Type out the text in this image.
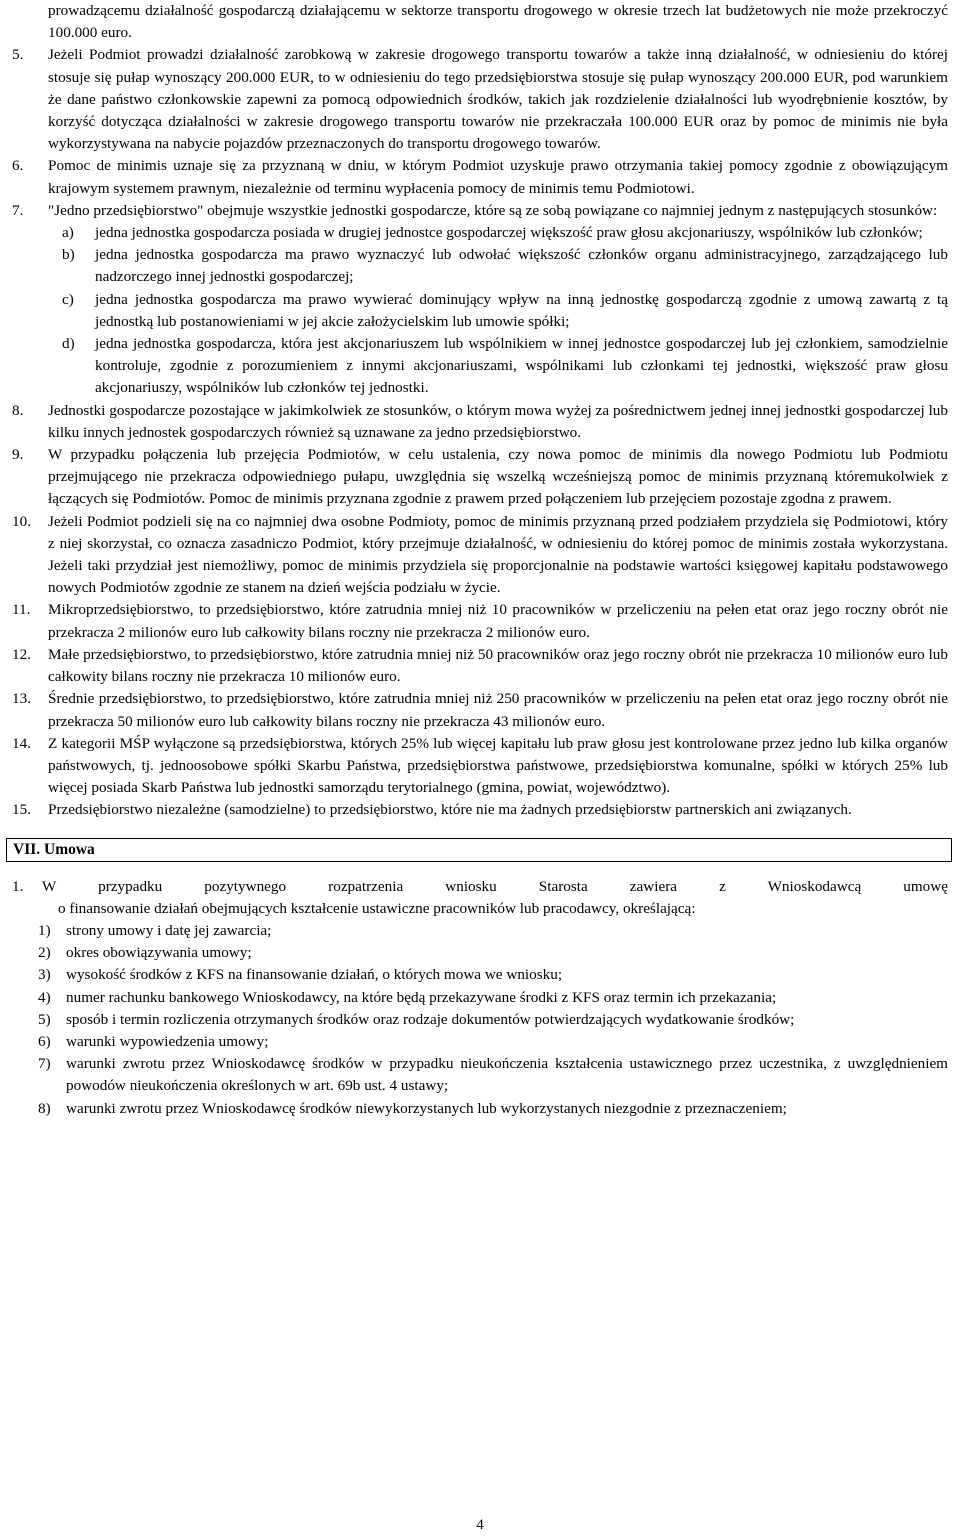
prowadzącemu działalność gospodarczą działającemu w sektorze transportu drogowego w okresie trzech lat budżetowych nie może przekroczyć 100.000 euro.

5.	Jeżeli Podmiot prowadzi działalność zarobkową w zakresie drogowego transportu towarów a także inną działalność, w odniesieniu do której stosuje się pułap wynoszący 200.000 EUR, to w odniesieniu do tego przedsiębiorstwa stosuje się pułap wynoszący 200.000 EUR, pod warunkiem że dane państwo członkowskie zapewni za pomocą odpowiednich środków, takich jak rozdzielenie działalności lub wyodrębnienie kosztów, by korzyść dotycząca działalności w zakresie drogowego transportu towarów nie przekraczała 100.000 EUR oraz by pomoc de minimis nie była wykorzystywana na nabycie pojazdów przeznaczonych do transportu drogowego towarów.
6.	Pomoc de minimis uznaje się za przyznaną w dniu, w którym Podmiot uzyskuje prawo otrzymania takiej pomocy zgodnie z obowiązującym krajowym systemem prawnym, niezależnie od terminu wypłacenia pomocy de minimis temu Podmiotowi.
7.	"Jedno przedsiębiorstwo" obejmuje wszystkie jednostki gospodarcze, które są ze sobą powiązane co najmniej jednym z następujących stosunków:
a)	jedna jednostka gospodarcza posiada w drugiej jednostce gospodarczej większość praw głosu akcjonariuszy, wspólników lub członków;
b)	jedna jednostka gospodarcza ma prawo wyznaczyć lub odwołać większość członków organu administracyjnego, zarządzającego lub nadzorczego innej jednostki gospodarczej;
c)	jedna jednostka gospodarcza ma prawo wywierać dominujący wpływ na inną jednostkę gospodarczą zgodnie z umową zawartą z tą jednostką lub postanowieniami w jej akcie założycielskim lub umowie spółki;
d)	jedna jednostka gospodarcza, która jest akcjonariuszem lub wspólnikiem w innej jednostce gospodarczej lub jej członkiem, samodzielnie kontroluje, zgodnie z porozumieniem z innymi akcjonariuszami, wspólnikami lub członkami tej jednostki, większość praw głosu akcjonariuszy, wspólników lub członków tej jednostki.
8.	Jednostki gospodarcze pozostające w jakimkolwiek ze stosunków, o którym mowa wyżej za pośrednictwem jednej innej jednostki gospodarczej lub kilku innych jednostek gospodarczych również są uznawane za jedno przedsiębiorstwo.
9.	W przypadku połączenia lub przejęcia Podmiotów, w celu ustalenia, czy nowa pomoc de minimis dla nowego Podmiotu lub Podmiotu przejmującego nie przekracza odpowiedniego pułapu, uwzględnia się wszelką wcześniejszą pomoc de minimis przyznaną któremukolwiek z łączących się Podmiotów. Pomoc de minimis przyznana zgodnie z prawem przed połączeniem lub przejęciem pozostaje zgodna z prawem.
10.	Jeżeli Podmiot podzieli się na co najmniej dwa osobne Podmioty, pomoc de minimis przyznaną przed podziałem przydziela się Podmiotowi, który z niej skorzystał, co oznacza zasadniczo Podmiot, który przejmuje działalność, w odniesieniu do której pomoc de minimis została wykorzystana. Jeżeli taki przydział jest niemożliwy, pomoc de minimis przydziela się proporcjonalnie na podstawie wartości księgowej kapitału podstawowego nowych Podmiotów zgodnie ze stanem na dzień wejścia podziału w życie.
11.	Mikroprzedsiębiorstwo, to przedsiębiorstwo, które zatrudnia mniej niż 10 pracowników w przeliczeniu na pełen etat oraz jego roczny obrót nie przekracza 2 milionów euro lub całkowity bilans roczny nie przekracza 2 milionów euro.
12.	Małe przedsiębiorstwo, to przedsiębiorstwo, które zatrudnia mniej niż 50 pracowników oraz jego roczny obrót nie przekracza 10 milionów euro lub całkowity bilans roczny nie przekracza 10 milionów euro.
13.	Średnie przedsiębiorstwo, to przedsiębiorstwo, które zatrudnia mniej niż 250 pracowników w przeliczeniu na pełen etat oraz jego roczny obrót nie przekracza 50 milionów euro lub całkowity bilans roczny nie przekracza 43 milionów euro.
14.	Z kategorii MŚP wyłączone są przedsiębiorstwa, których 25% lub więcej kapitału lub praw głosu jest kontrolowane przez jedno lub kilka organów państwowych, tj. jednoosobowe spółki Skarbu Państwa, przedsiębiorstwa państwowe, przedsiębiorstwa komunalne, spółki w których 25% lub więcej posiada Skarb Państwa lub jednostki samorządu terytorialnego (gmina, powiat, województwo).
15.	Przedsiębiorstwo niezależne (samodzielne) to przedsiębiorstwo, które nie ma żadnych przedsiębiorstw partnerskich ani związanych.
VII. Umowa
1.	W przypadku pozytywnego rozpatrzenia wniosku Starosta zawiera z Wnioskodawcą umowę

o finansowanie działań obejmujących kształcenie ustawiczne pracowników lub pracodawcy, określającą:

1)	strony umowy i datę jej zawarcia;
2)	okres obowiązywania umowy;
3)	wysokość środków z KFS na finansowanie działań, o których mowa we wniosku;
4)	numer rachunku bankowego Wnioskodawcy, na które będą przekazywane środki z KFS oraz termin ich przekazania;
5)	sposób i termin rozliczenia otrzymanych środków oraz rodzaje dokumentów potwierdzających wydatkowanie środków;
6)	warunki wypowiedzenia umowy;
7)	warunki zwrotu przez Wnioskodawcę środków w przypadku nieukończenia kształcenia ustawicznego przez uczestnika, z uwzględnieniem powodów nieukończenia określonych w art. 69b ust. 4 ustawy;
8)	warunki zwrotu przez Wnioskodawcę środków niewykorzystanych lub wykorzystanych niezgodnie z przeznaczeniem;
4
